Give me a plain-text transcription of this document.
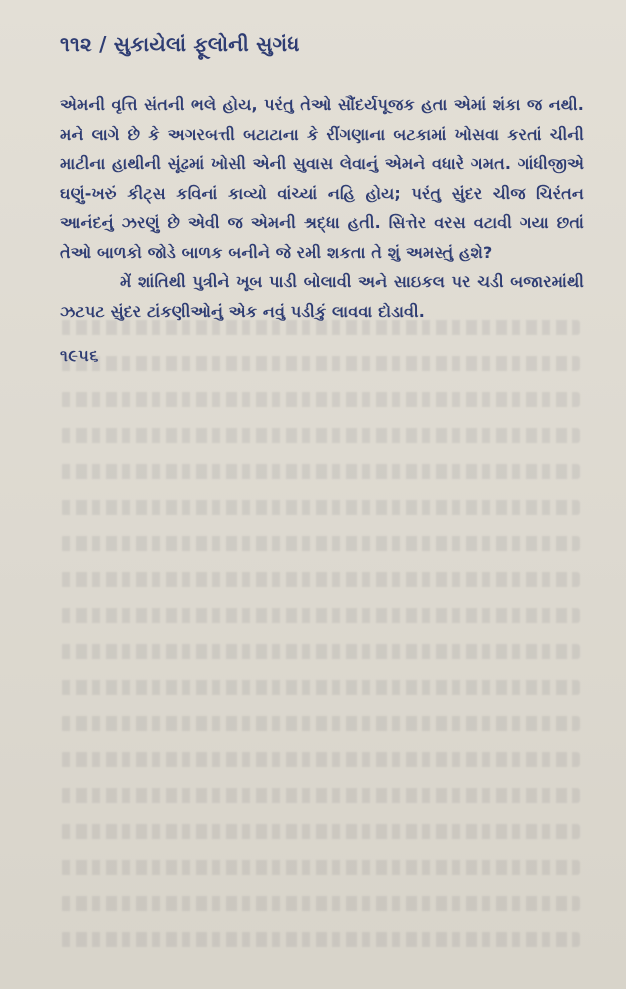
૧૧૨ / સુકાયેલાં ફૂલોની સુગંધ

એમની વૃત્તિ સંતની ભલે હોય, પરંતુ તેઓ સૌંદર્યપૂજક હતા એમાં શંકા જ નથી. મને લાગે છે કે અગરબત્તી બટાટાના કે રીંગણાના બટકામાં ખોસવા કરતાં ચીની માટીના હાથીની સૂંઢમાં ખોસી એની સુવાસ લેવાનું એમને વધારે ગમત. ગાંધીજીએ ઘણું-ખરું કીટ્સ કવિનાં કાવ્યો વાંચ્યાં નહિ હોય; પરંતુ સુંદર ચીજ ચિરંતન આનંદનું ઝરણું છે એવી જ એમની શ્રદ્ધા હતી. સિત્તેર વરસ વટાવી ગયા છતાં તેઓ બાળકો જોડે બાળક બનીને જે રમી શકતા તે શું અમસ્તું હશે?

મેં શાંતિથી પુત્રીને ખૂબ પાડી બોલાવી અને સાઇકલ પર ચડી બજારમાંથી ઝટપટ સુંદર ટાંકણીઓનું એક નવું પડીકું લાવવા દોડાવી.

૧૯૫૬
